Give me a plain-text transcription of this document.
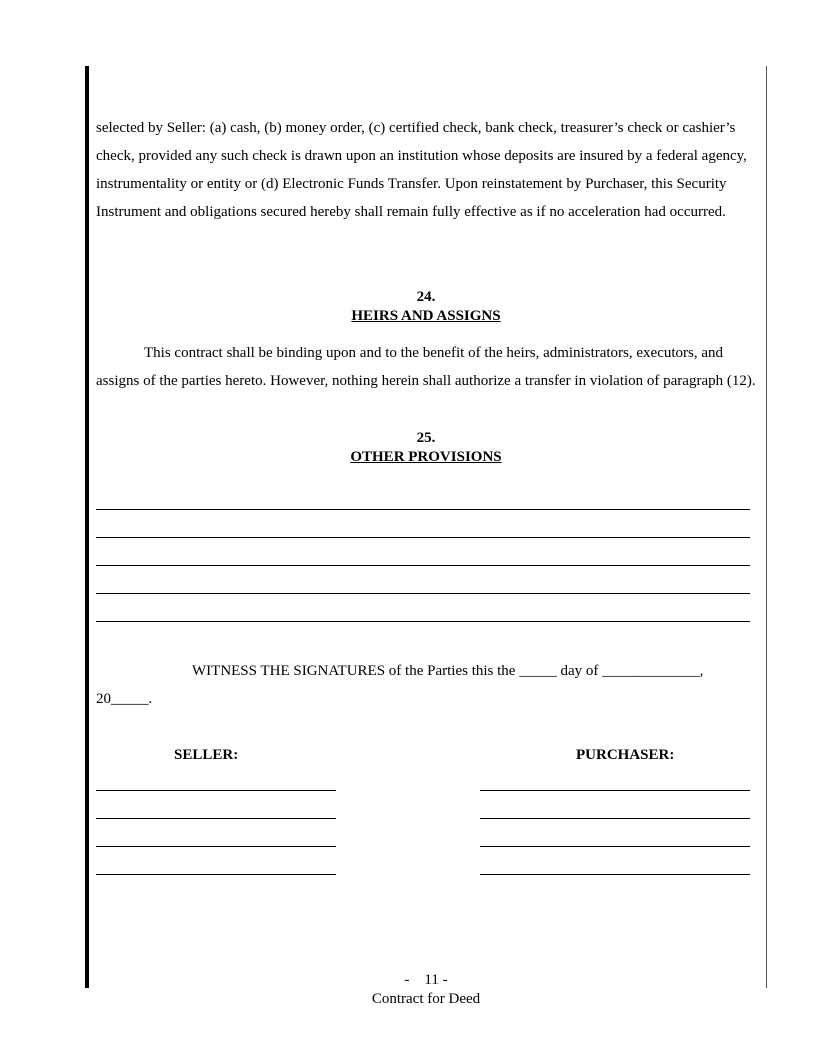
selected by Seller: (a) cash, (b) money order, (c) certified check, bank check, treasurer’s check or cashier’s check, provided any such check is drawn upon an institution whose deposits are insured by a federal agency, instrumentality or entity or (d) Electronic Funds Transfer. Upon reinstatement by Purchaser, this Security Instrument and obligations secured hereby shall remain fully effective as if no acceleration had occurred.

24.
HEIRS AND ASSIGNS

This contract shall be binding upon and to the benefit of the heirs, administrators, executors, and assigns of the parties hereto. However, nothing herein shall authorize a transfer in violation of paragraph (12).

25.
OTHER PROVISIONS
WITNESS THE SIGNATURES of the Parties this the _____ day of _____________,
20_____.
SELLER:	PURCHASER:
-    11 -
Contract for Deed
